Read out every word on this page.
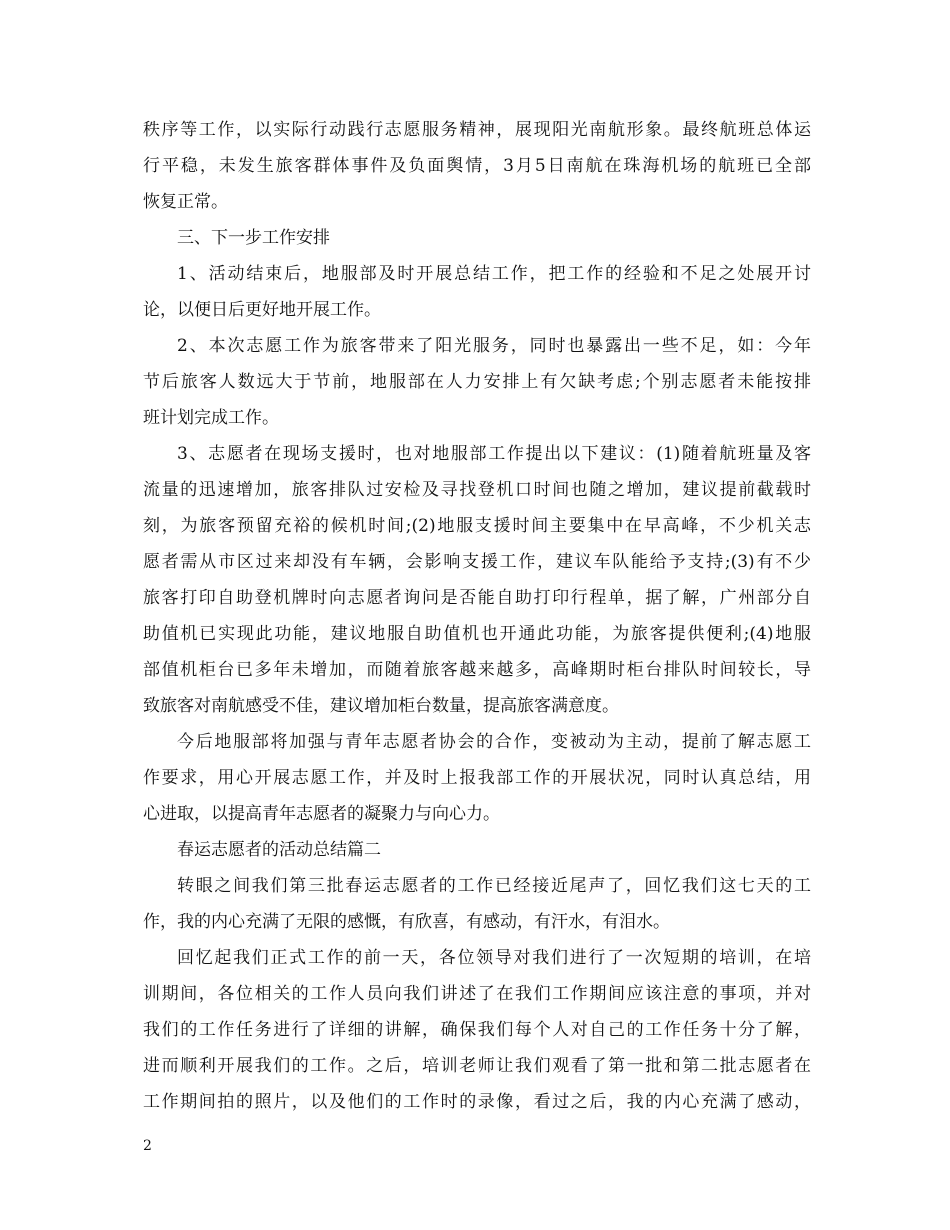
秩序等工作，以实际行动践行志愿服务精神，展现阳光南航形象。最终航班总体运
行平稳，未发生旅客群体事件及负面舆情，3月5日南航在珠海机场的航班已全部
恢复正常。
三、下一步工作安排
1、活动结束后，地服部及时开展总结工作，把工作的经验和不足之处展开讨
论，以便日后更好地开展工作。
2、本次志愿工作为旅客带来了阳光服务，同时也暴露出一些不足，如：今年
节后旅客人数远大于节前，地服部在人力安排上有欠缺考虑;个别志愿者未能按排
班计划完成工作。
3、志愿者在现场支援时，也对地服部工作提出以下建议：(1)随着航班量及客
流量的迅速增加，旅客排队过安检及寻找登机口时间也随之增加，建议提前截载时
刻，为旅客预留充裕的候机时间;(2)地服支援时间主要集中在早高峰，不少机关志
愿者需从市区过来却没有车辆，会影响支援工作，建议车队能给予支持;(3)有不少
旅客打印自助登机牌时向志愿者询问是否能自助打印行程单，据了解，广州部分自
助值机已实现此功能，建议地服自助值机也开通此功能，为旅客提供便利;(4)地服
部值机柜台已多年未增加，而随着旅客越来越多，高峰期时柜台排队时间较长，导
致旅客对南航感受不佳，建议增加柜台数量，提高旅客满意度。
今后地服部将加强与青年志愿者协会的合作，变被动为主动，提前了解志愿工
作要求，用心开展志愿工作，并及时上报我部工作的开展状况，同时认真总结，用
心进取，以提高青年志愿者的凝聚力与向心力。
春运志愿者的活动总结篇二
转眼之间我们第三批春运志愿者的工作已经接近尾声了，回忆我们这七天的工
作，我的内心充满了无限的感慨，有欣喜，有感动，有汗水，有泪水。
回忆起我们正式工作的前一天，各位领导对我们进行了一次短期的培训，在培
训期间，各位相关的工作人员向我们讲述了在我们工作期间应该注意的事项，并对
我们的工作任务进行了详细的讲解，确保我们每个人对自己的工作任务十分了解，
进而顺利开展我们的工作。之后，培训老师让我们观看了第一批和第二批志愿者在
工作期间拍的照片，以及他们的工作时的录像，看过之后，我的内心充满了感动，
2
